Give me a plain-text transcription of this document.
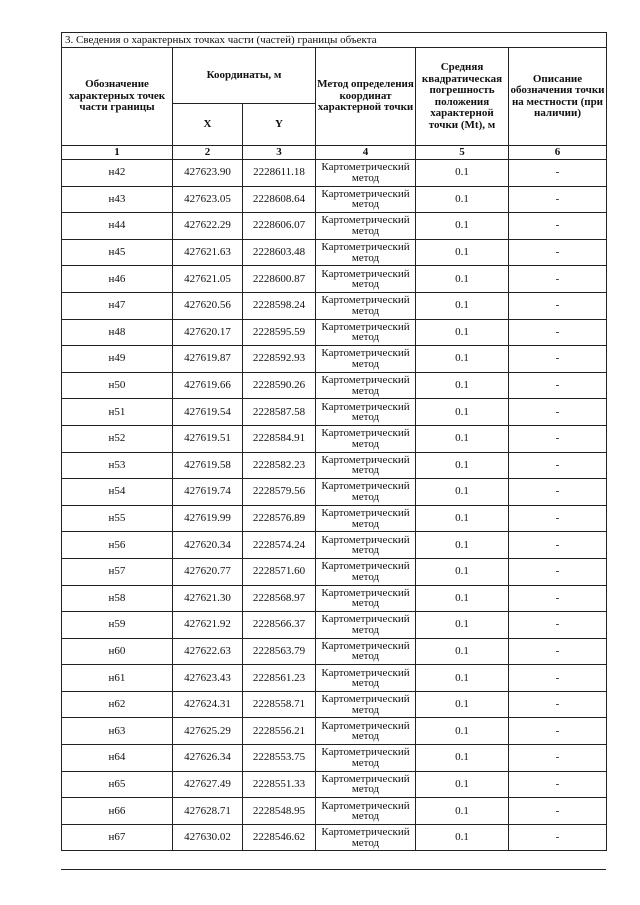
3. Сведения о характерных точках части (частей) границы объекта					
Обозначение характерных точек части границы	Координаты, м		Метод определения координат характерной точки	Средняя квадратическая погрешность положения характерной точки (Mt), м	Описание обозначения точки на местности (при наличии)
	X	Y			
1	2	3	4	5	6
н42	427623.90	2228611.18	Картометрический метод	0.1	-
н43	427623.05	2228608.64	Картометрический метод	0.1	-
н44	427622.29	2228606.07	Картометрический метод	0.1	-
н45	427621.63	2228603.48	Картометрический метод	0.1	-
н46	427621.05	2228600.87	Картометрический метод	0.1	-
н47	427620.56	2228598.24	Картометрический метод	0.1	-
н48	427620.17	2228595.59	Картометрический метод	0.1	-
н49	427619.87	2228592.93	Картометрический метод	0.1	-
н50	427619.66	2228590.26	Картометрический метод	0.1	-
н51	427619.54	2228587.58	Картометрический метод	0.1	-
н52	427619.51	2228584.91	Картометрический метод	0.1	-
н53	427619.58	2228582.23	Картометрический метод	0.1	-
н54	427619.74	2228579.56	Картометрический метод	0.1	-
н55	427619.99	2228576.89	Картометрический метод	0.1	-
н56	427620.34	2228574.24	Картометрический метод	0.1	-
н57	427620.77	2228571.60	Картометрический метод	0.1	-
н58	427621.30	2228568.97	Картометрический метод	0.1	-
н59	427621.92	2228566.37	Картометрический метод	0.1	-
н60	427622.63	2228563.79	Картометрический метод	0.1	-
н61	427623.43	2228561.23	Картометрический метод	0.1	-
н62	427624.31	2228558.71	Картометрический метод	0.1	-
н63	427625.29	2228556.21	Картометрический метод	0.1	-
н64	427626.34	2228553.75	Картометрический метод	0.1	-
н65	427627.49	2228551.33	Картометрический метод	0.1	-
н66	427628.71	2228548.95	Картометрический метод	0.1	-
н67	427630.02	2228546.62	Картометрический метод	0.1	-
